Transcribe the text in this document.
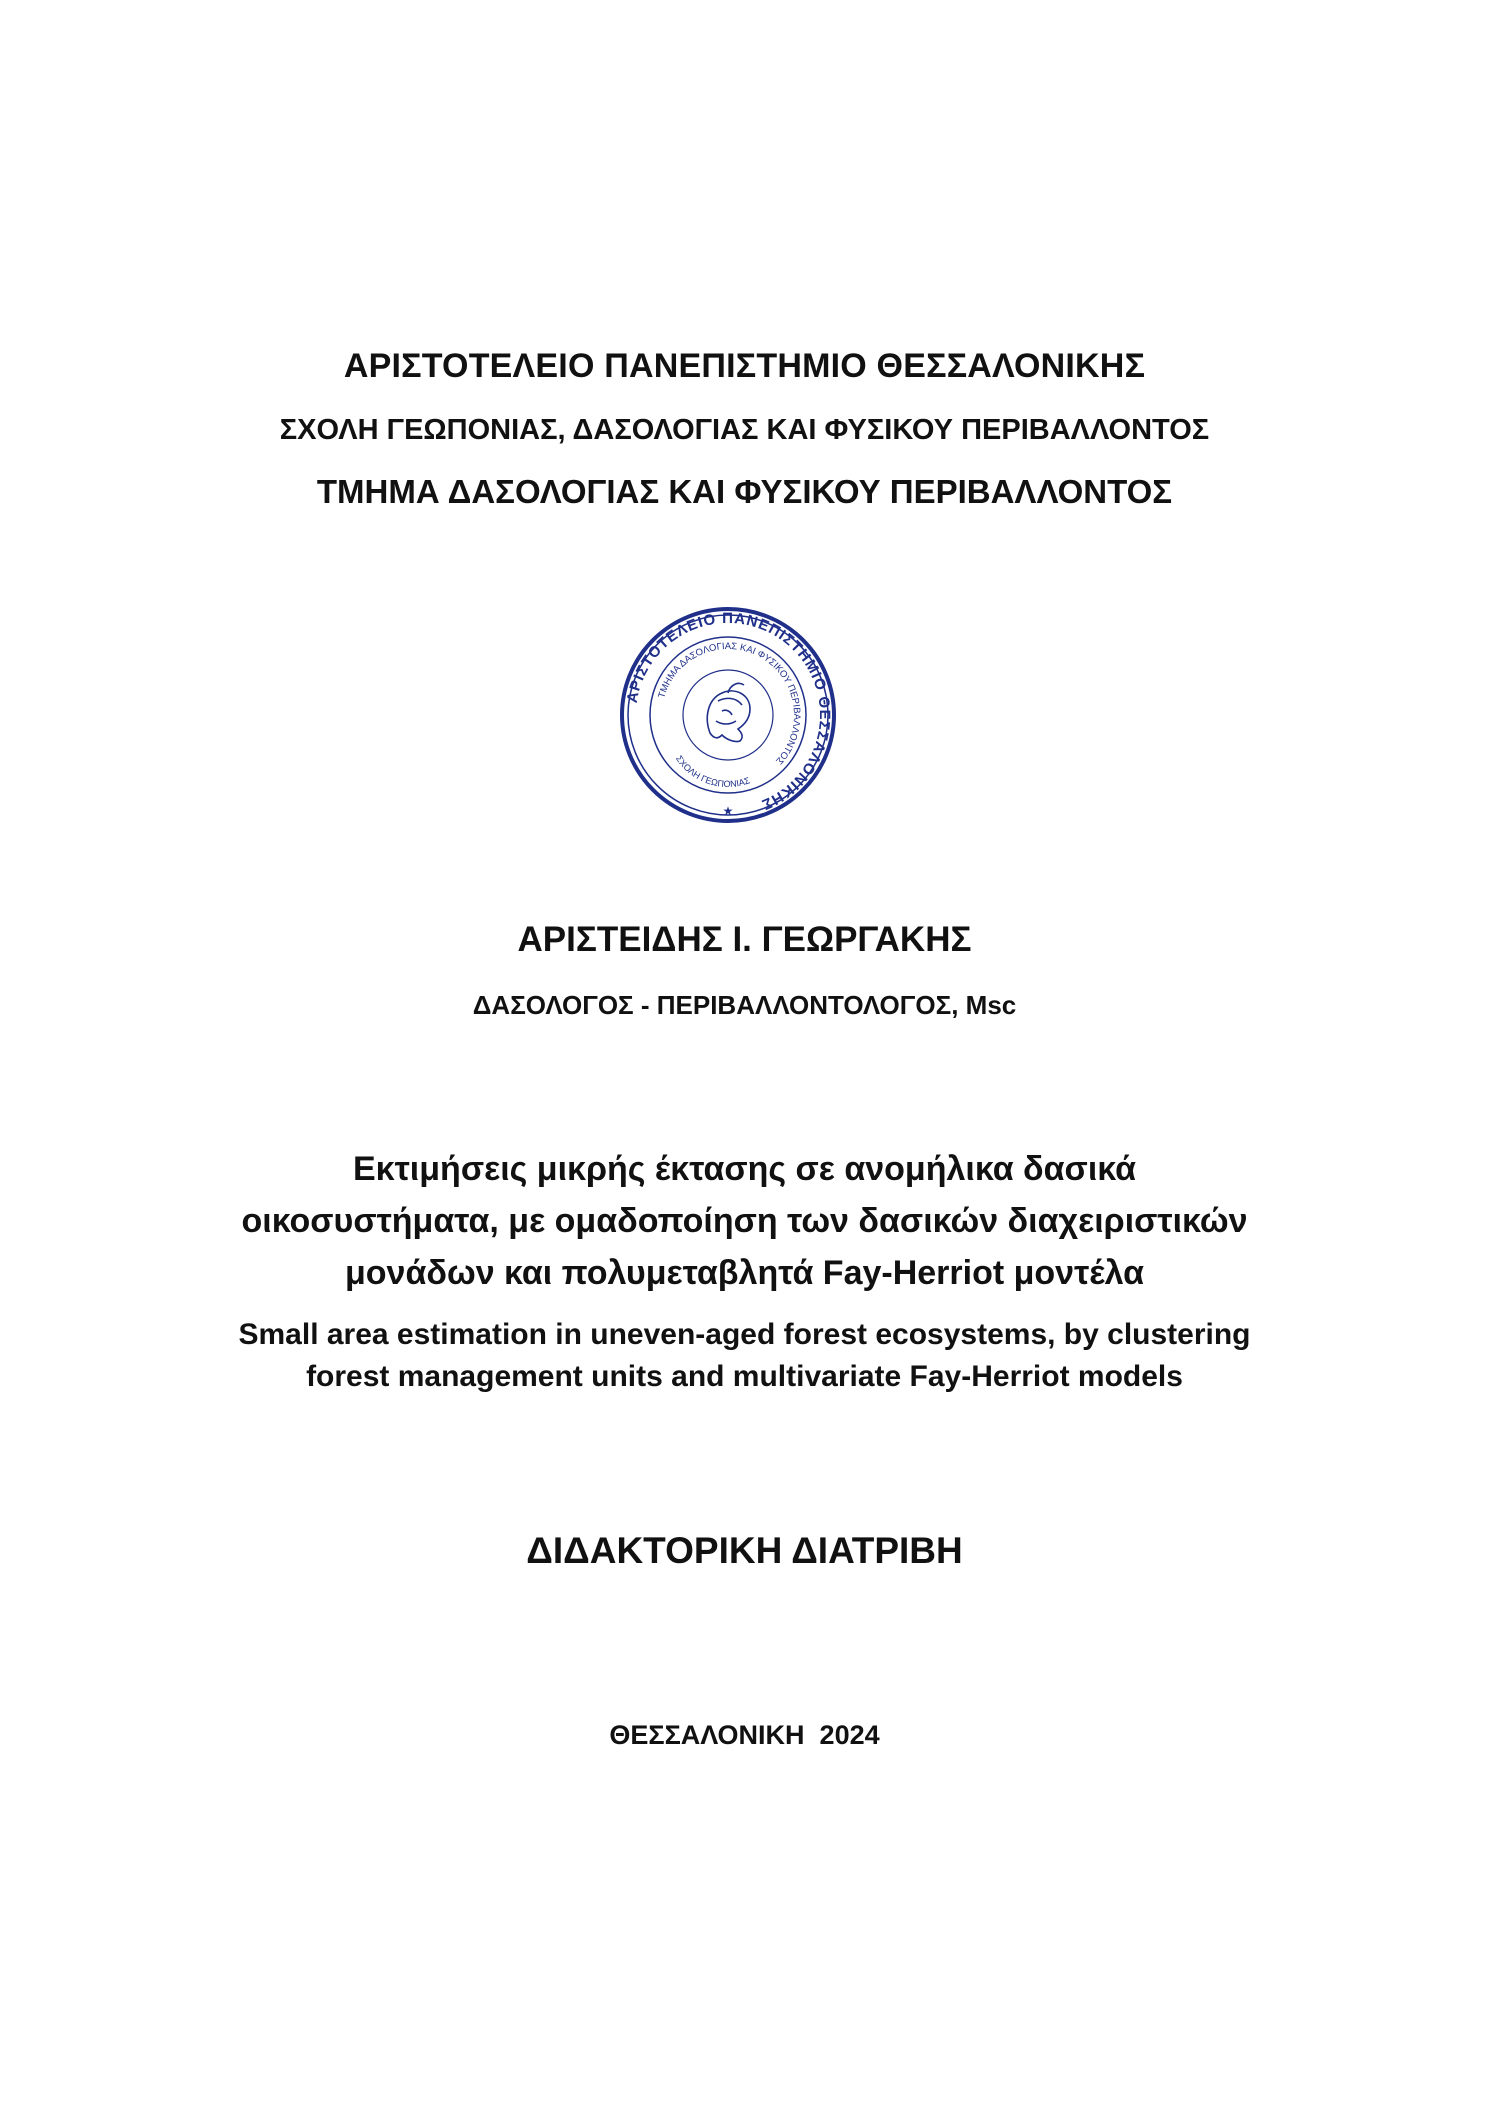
ΑΡΙΣΤΟΤΕΛΕΙΟ ΠΑΝΕΠΙΣΤΗΜΙΟ ΘΕΣΣΑΛΟΝΙΚΗΣ

ΣΧΟΛΗ ΓΕΩΠΟΝΙΑΣ, ΔΑΣΟΛΟΓΙΑΣ ΚΑΙ ΦΥΣΙΚΟΥ ΠΕΡΙΒΑΛΛΟΝΤΟΣ

ΤΜΗΜΑ ΔΑΣΟΛΟΓΙΑΣ ΚΑΙ ΦΥΣΙΚΟΥ ΠΕΡΙΒΑΛΛΟΝΤΟΣ

ΑΡΙΣΤΟΤΕΛΕΙΟ ΠΑΝΕΠΙΣΤΗΜΙΟ ΘΕΣΣΑΛΟΝΙΚΗΣ
ΤΜΗΜΑ ΔΑΣΟΛΟΓΙΑΣ ΚΑΙ ΦΥΣΙΚΟΥ ΠΕΡΙΒΑΛΛΟΝΤΟΣ
ΣΧΟΛΗ ΓΕΩΠΟΝΙΑΣ
★

ΑΡΙΣΤΕΙΔΗΣ Ι. ΓΕΩΡΓΑΚΗΣ

ΔΑΣΟΛΟΓΟΣ - ΠΕΡΙΒΑΛΛΟΝΤΟΛΟΓΟΣ, Msc

Εκτιμήσεις μικρής έκτασης σε ανομήλικα δασικά

οικοσυστήματα, με ομαδοποίηση των δασικών διαχειριστικών

μονάδων και πολυμεταβλητά Fay-Herriot μοντέλα

Small area estimation in uneven-aged forest ecosystems, by clustering

forest management units and multivariate Fay-Herriot models

ΔΙΔΑΚΤΟΡΙΚΗ ΔΙΑΤΡΙΒΗ

ΘΕΣΣΑΛΟΝΙΚΗ  2024
